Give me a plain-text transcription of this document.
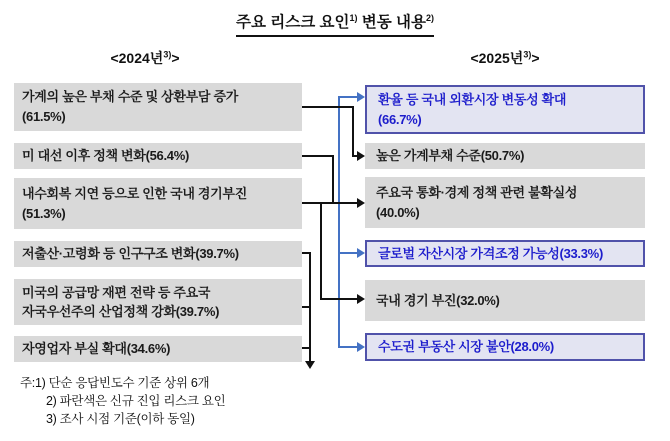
주요 리스크 요인$^{1)}$ 변동 내용$^{2)}$
<2024년$^{3)}$>	<2025년$^{3)}$>
가계의 높은 부채 수준 및 상환부담 증가
(61.5%)
미 대선 이후 정책 변화(56.4%)
내수회복 지연 등으로 인한 국내 경기부진
(51.3%)
저출산·고령화 등 인구구조 변화(39.7%)
미국의 공급망 재편 전략 등 주요국
자국우선주의 산업정책 강화(39.7%)
자영업자 부실 확대(34.6%)
환율 등 국내 외환시장 변동성 확대
(66.7%)
높은 가계부채 수준(50.7%)
주요국 통화·경제 정책 관련 불확실성
(40.0%)
글로벌 자산시장 가격조정 가능성(33.3%)
국내 경기 부진(32.0%)
수도권 부동산 시장 불안(28.0%)
주: 1) 단순 응답빈도수 기준 상위 6개
2) 파란색은 신규 진입 리스크 요인
3) 조사 시점 기준(이하 동일)
